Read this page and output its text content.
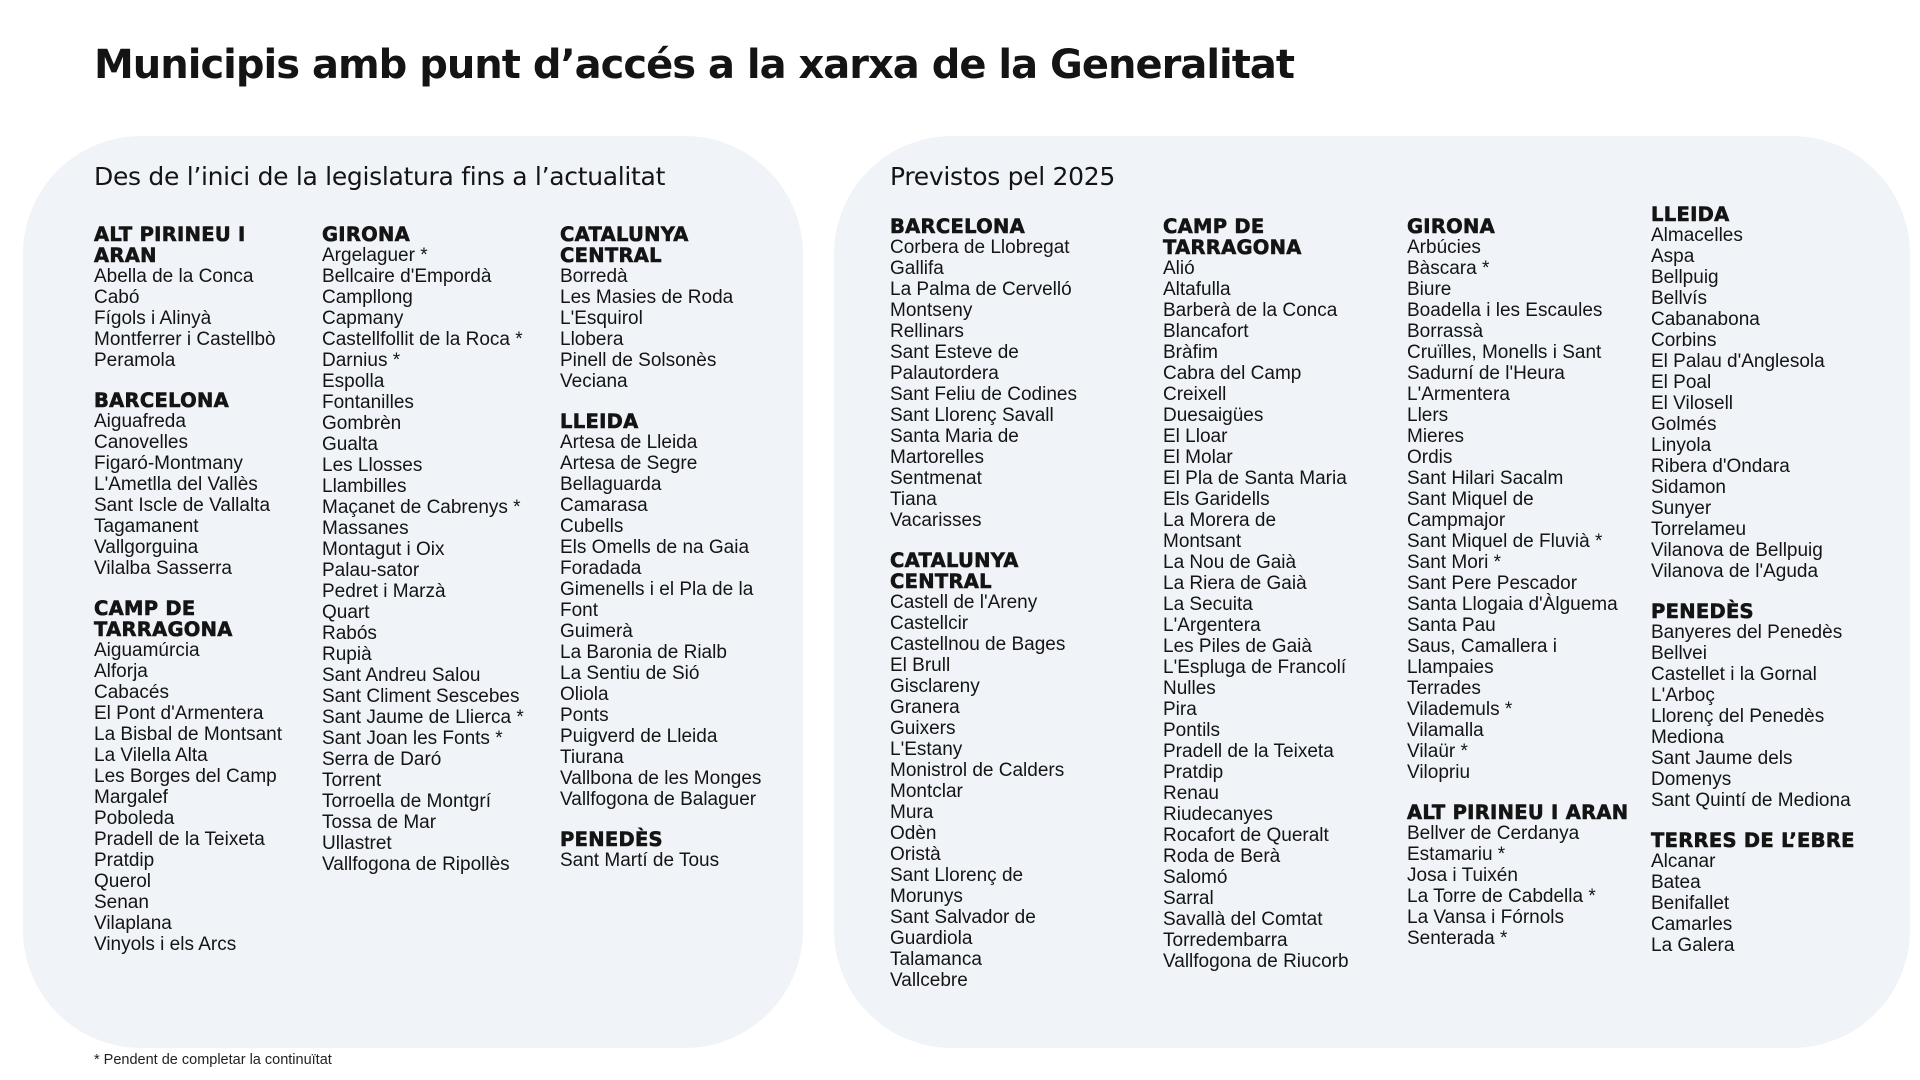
Municipis amb punt d’accés a la xarxa de la Generalitat
Des de l’inici de la legislatura fins a l’actualitat
ALT PIRINEU I
ARAN
Abella de la Conca
Cabó
Fígols i Alinyà
Montferrer i Castellbò
Peramola
BARCELONA
Aiguafreda
Canovelles
Figaró-Montmany
L'Ametlla del Vallès
Sant Iscle de Vallalta
Tagamanent
Vallgorguina
Vilalba Sasserra
CAMP DE
TARRAGONA
Aiguamúrcia
Alforja
Cabacés
El Pont d'Armentera
La Bisbal de Montsant
La Vilella Alta
Les Borges del Camp
Margalef
Poboleda
Pradell de la Teixeta
Pratdip
Querol
Senan
Vilaplana
Vinyols i els Arcs
GIRONA
Argelaguer *
Bellcaire d'Empordà
Campllong
Capmany
Castellfollit de la Roca *
Darnius *
Espolla
Fontanilles
Gombrèn
Gualta
Les Llosses
Llambilles
Maçanet de Cabrenys *
Massanes
Montagut i Oix
Palau-sator
Pedret i Marzà
Quart
Rabós
Rupià
Sant Andreu Salou
Sant Climent Sescebes
Sant Jaume de Llierca *
Sant Joan les Fonts *
Serra de Daró
Torrent
Torroella de Montgrí
Tossa de Mar
Ullastret
Vallfogona de Ripollès
CATALUNYA
CENTRAL
Borredà
Les Masies de Roda
L'Esquirol
Llobera
Pinell de Solsonès
Veciana
LLEIDA
Artesa de Lleida
Artesa de Segre
Bellaguarda
Camarasa
Cubells
Els Omells de na Gaia
Foradada
Gimenells i el Pla de la
Font
Guimerà
La Baronia de Rialb
La Sentiu de Sió
Oliola
Ponts
Puigverd de Lleida
Tiurana
Vallbona de les Monges
Vallfogona de Balaguer
PENEDÈS
Sant Martí de Tous
Previstos pel 2025
BARCELONA
Corbera de Llobregat
Gallifa
La Palma de Cervelló
Montseny
Rellinars
Sant Esteve de
Palautordera
Sant Feliu de Codines
Sant Llorenç Savall
Santa Maria de
Martorelles
Sentmenat
Tiana
Vacarisses
CATALUNYA
CENTRAL
Castell de l'Areny
Castellcir
Castellnou de Bages
El Brull
Gisclareny
Granera
Guixers
L'Estany
Monistrol de Calders
Montclar
Mura
Odèn
Oristà
Sant Llorenç de
Morunys
Sant Salvador de
Guardiola
Talamanca
Vallcebre
CAMP DE
TARRAGONA
Alió
Altafulla
Barberà de la Conca
Blancafort
Bràfim
Cabra del Camp
Creixell
Duesaigües
El Lloar
El Molar
El Pla de Santa Maria
Els Garidells
La Morera de
Montsant
La Nou de Gaià
La Riera de Gaià
La Secuita
L'Argentera
Les Piles de Gaià
L'Espluga de Francolí
Nulles
Pira
Pontils
Pradell de la Teixeta
Pratdip
Renau
Riudecanyes
Rocafort de Queralt
Roda de Berà
Salomó
Sarral
Savallà del Comtat
Torredembarra
Vallfogona de Riucorb
GIRONA
Arbúcies
Bàscara *
Biure
Boadella i les Escaules
Borrassà
Cruïlles, Monells i Sant
Sadurní de l'Heura
L'Armentera
Llers
Mieres
Ordis
Sant Hilari Sacalm
Sant Miquel de
Campmajor
Sant Miquel de Fluvià *
Sant Mori *
Sant Pere Pescador
Santa Llogaia d'Àlguema
Santa Pau
Saus, Camallera i
Llampaies
Terrades
Vilademuls *
Vilamalla
Vilaür *
Vilopriu
ALT PIRINEU I ARAN
Bellver de Cerdanya
Estamariu *
Josa i Tuixén
La Torre de Cabdella *
La Vansa i Fórnols
Senterada *
LLEIDA
Almacelles
Aspa
Bellpuig
Bellvís
Cabanabona
Corbins
El Palau d'Anglesola
El Poal
El Vilosell
Golmés
Linyola
Ribera d'Ondara
Sidamon
Sunyer
Torrelameu
Vilanova de Bellpuig
Vilanova de l'Aguda
PENEDÈS
Banyeres del Penedès
Bellvei
Castellet i la Gornal
L'Arboç
Llorenç del Penedès
Mediona
Sant Jaume dels
Domenys
Sant Quintí de Mediona
TERRES DE L’EBRE
Alcanar
Batea
Benifallet
Camarles
La Galera
* Pendent de completar la continuïtat
